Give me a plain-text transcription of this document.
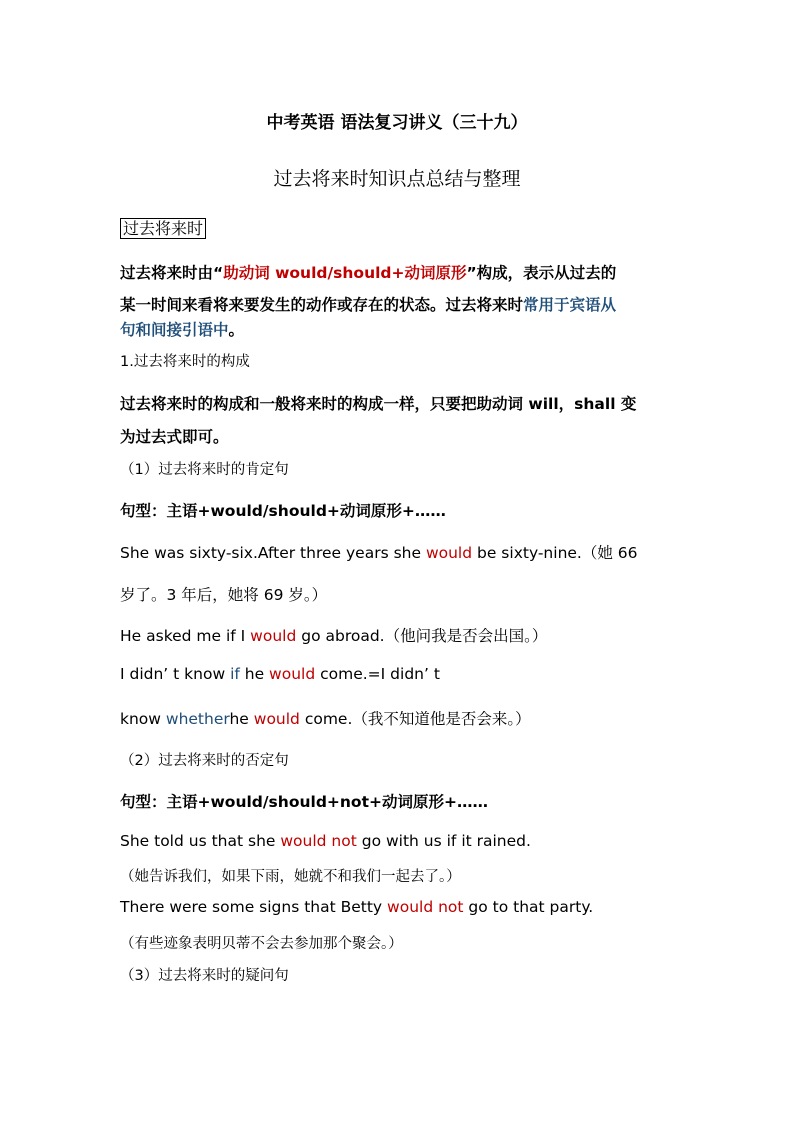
中考英语 语法复习讲义（三十九）
过去将来时知识点总结与整理
过去将来时
过去将来时由“助动词 would/should+动词原形”构成，表示从过去的
某一时间来看将来要发生的动作或存在的状态。过去将来时常用于宾语从
句和间接引语中。
1.过去将来时的构成
过去将来时的构成和一般将来时的构成一样，只要把助动词 will，shall 变
为过去式即可。
（1）过去将来时的肯定句
句型：主语+would/should+动词原形+……
She was sixty-six.After three years she would be sixty-nine.（她 66
岁了。3 年后，她将 69 岁。）
He asked me if I would go abroad.（他问我是否会出国。）
I didn’ t know if he would come.=I didn’ t
know whetherhe would come.（我不知道他是否会来。）
（2）过去将来时的否定句
句型：主语+would/should+not+动词原形+……
She told us that she would not go with us if it rained.
（她告诉我们，如果下雨，她就不和我们一起去了。）
There were some signs that Betty would not go to that party.
（有些迹象表明贝蒂不会去参加那个聚会。）
（3）过去将来时的疑问句
